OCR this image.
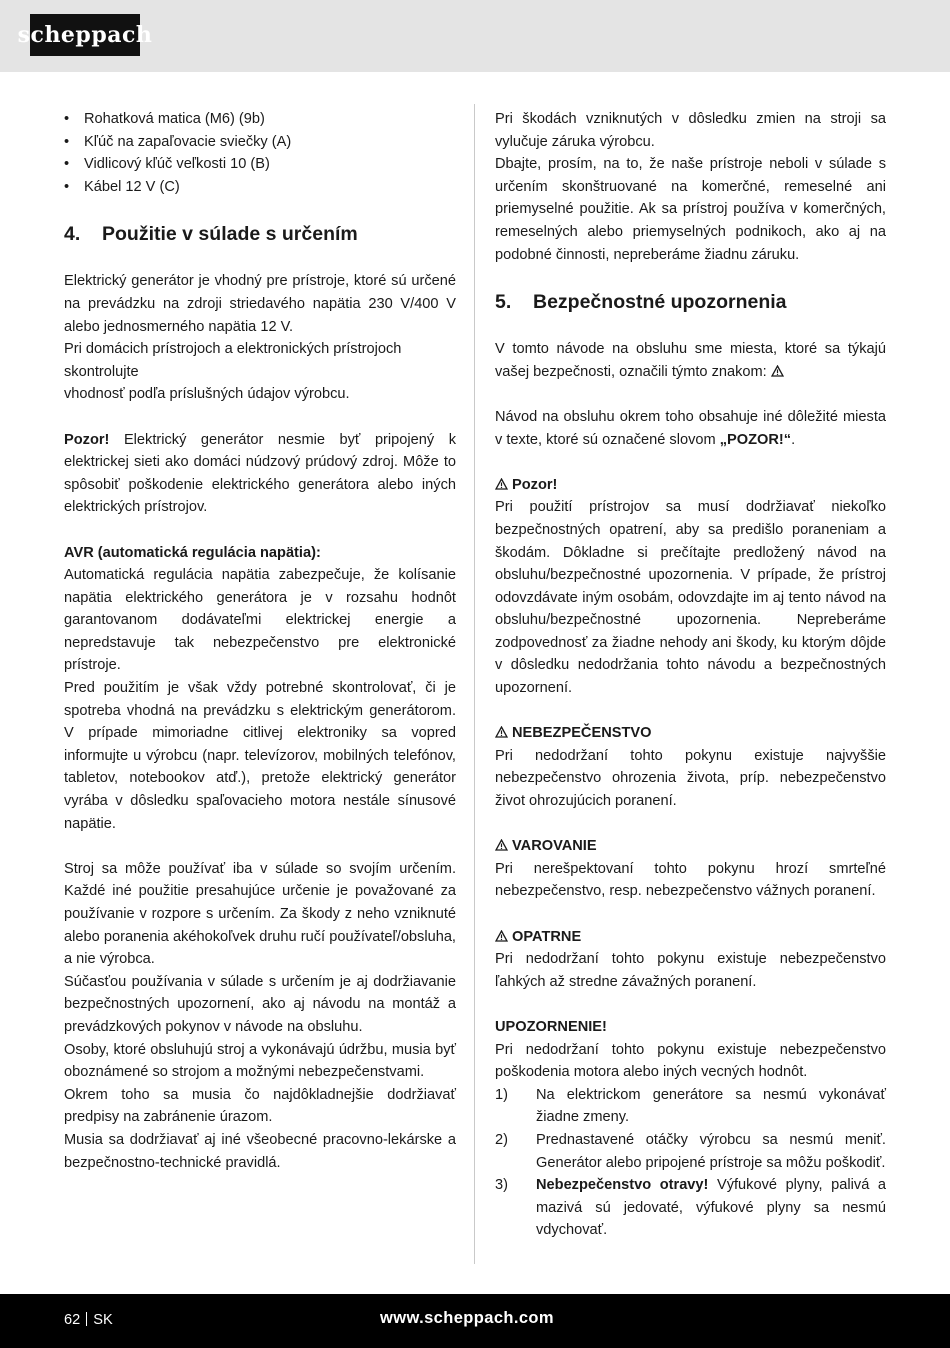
scheppach
• Rohatková matica (M6) (9b)
• Kľúč na zapaľovacie sviečky (A)
• Vidlicový kľúč veľkosti 10 (B)
• Kábel 12 V (C)
4. Použitie v súlade s určením

Elektrický generátor je vhodný pre prístroje, ktoré sú určené na prevádzku na zdroji striedavého napätia 230 V/400 V alebo jednosmerného napätia 12 V.

Pri domácich prístrojoch a elektronických prístrojoch skontrolujte

vhodnosť podľa príslušných údajov výrobcu.

Pozor! Elektrický generátor nesmie byť pripojený k elektrickej sieti ako domáci núdzový prúdový zdroj. Môže to spôsobiť poškodenie elektrického generátora alebo iných elektrických prístrojov.

AVR (automatická regulácia napätia):

Automatická regulácia napätia zabezpečuje, že kolísanie napätia elektrického generátora je v rozsahu hodnôt garantovanom dodávateľmi elektrickej energie a nepredstavuje tak nebezpečenstvo pre elektronické prístroje.

Pred použitím je však vždy potrebné skontrolovať, či je spotreba vhodná na prevádzku s elektrickým generátorom. V prípade mimoriadne citlivej elektroniky sa vopred informujte u výrobcu (napr. televízorov, mobilných telefónov, tabletov, notebookov atď.), pretože elektrický generátor vyrába v dôsledku spaľovacieho motora nestále sínusové napätie.

Stroj sa môže používať iba v súlade so svojím určením. Každé iné použitie presahujúce určenie je považované za používanie v rozpore s určením. Za škody z neho vzniknuté alebo poranenia akéhokoľvek druhu ručí používateľ/obsluha, a nie výrobca.

Súčasťou používania v súlade s určením je aj dodržiavanie bezpečnostných upozornení, ako aj návodu na montáž a prevádzkových pokynov v návode na obsluhu.

Osoby, ktoré obsluhujú stroj a vykonávajú údržbu, musia byť oboznámené so strojom a možnými nebezpečenstvami.

Okrem toho sa musia čo najdôkladnejšie dodržiavať predpisy na zabránenie úrazom.

Musia sa dodržiavať aj iné všeobecné pracovno-lekárske a bezpečnostno-technické pravidlá.

Pri škodách vzniknutých v dôsledku zmien na stroji sa vylučuje záruka výrobcu.

Dbajte, prosím, na to, že naše prístroje neboli v súlade s určením skonštruované na komerčné, remeselné ani priemyselné použitie. Ak sa prístroj používa v komerčných, remeselných alebo priemyselných podnikoch, ako aj na podobné činnosti, nepreberáme žiadnu záruku.

5. Bezpečnostné upozornenia

V tomto návode na obsluhu sme miesta, ktoré sa týkajú vašej bezpečnosti, označili týmto znakom:

Návod na obsluhu okrem toho obsahuje iné dôležité miesta v texte, ktoré sú označené slovom „POZOR!“.

Pozor!

Pri použití prístrojov sa musí dodržiavať niekoľko bezpečnostných opatrení, aby sa predišlo poraneniam a škodám. Dôkladne si prečítajte predložený návod na obsluhu/bezpečnostné upozornenia. V prípade, že prístroj odovzdávate iným osobám, odovzdajte im aj tento návod na obsluhu/bezpečnostné upozornenia. Nepreberáme zodpovednosť za žiadne nehody ani škody, ku ktorým dôjde v dôsledku nedodržania tohto návodu a bezpečnostných upozornení.

NEBEZPEČENSTVO

Pri nedodržaní tohto pokynu existuje najvyššie nebezpečenstvo ohrozenia života, príp. nebezpečenstvo život ohrozujúcich poranení.

VAROVANIE

Pri nerešpektovaní tohto pokynu hrozí smrteľné nebezpečenstvo, resp. nebezpečenstvo vážnych poranení.

OPATRNE

Pri nedodržaní tohto pokynu existuje nebezpečenstvo ľahkých až stredne závažných poranení.

UPOZORNENIE!

Pri nedodržaní tohto pokynu existuje nebezpečenstvo poškodenia motora alebo iných vecných hodnôt.

1) Na elektrickom generátore sa nesmú vykonávať žiadne zmeny.
2) Prednastavené otáčky výrobcu sa nesmú meniť. Generátor alebo pripojené prístroje sa môžu poškodiť.
3) Nebezpečenstvo otravy! Výfukové plyny, palivá a mazivá sú jedovaté, výfukové plyny sa nesmú vdychovať.
62 SK	www.scheppach.com
